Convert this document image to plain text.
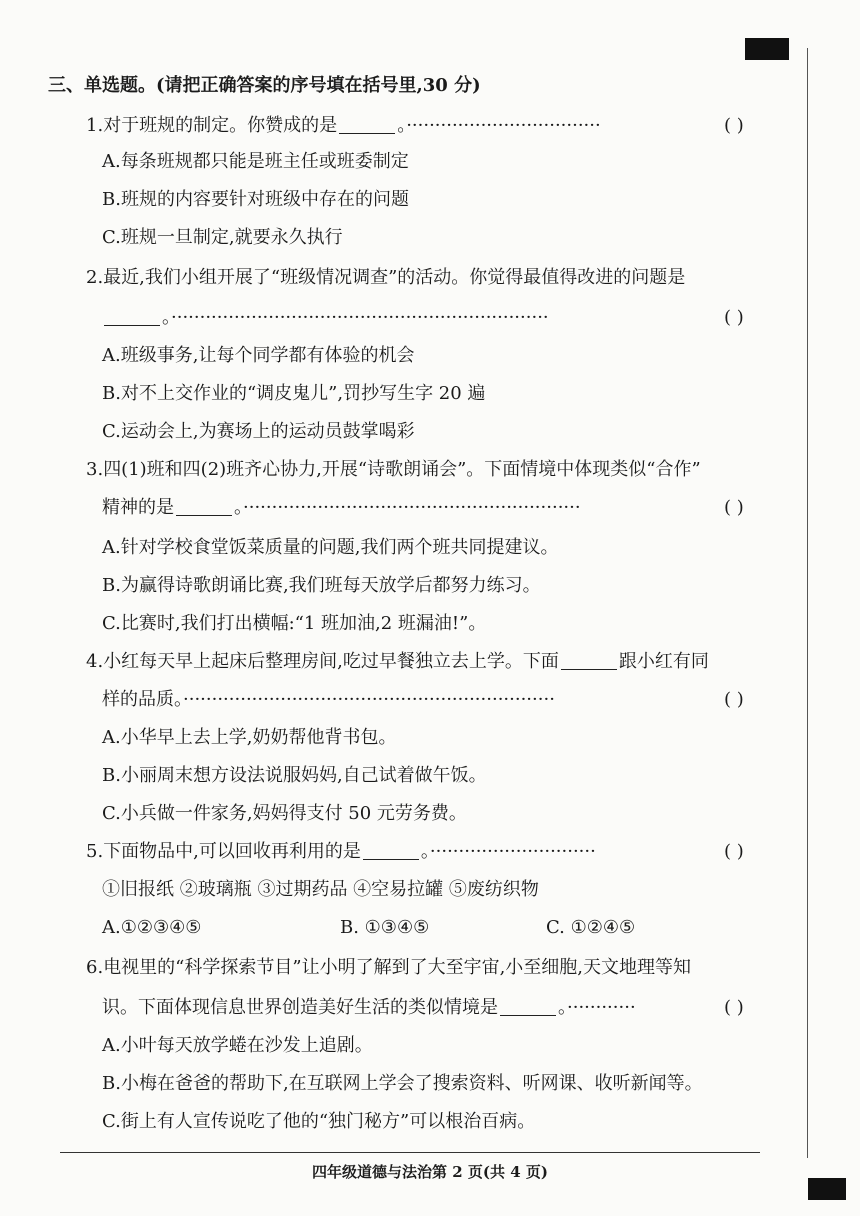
三、单选题。(请把正确答案的序号填在括号里,30 分)
1.对于班规的制定。你赞成的是	。··································	( )
A.每条班规都只能是班主任或班委制定
B.班规的内容要针对班级中存在的问题
C.班规一旦制定,就要永久执行
2.最近,我们小组开展了“班级情况调查”的活动。你觉得最值得改进的问题是
。··································································	( )
A.班级事务,让每个同学都有体验的机会
B.对不上交作业的“调皮鬼儿”,罚抄写生字 20 遍
C.运动会上,为赛场上的运动员鼓掌喝彩
3.四(1)班和四(2)班齐心协力,开展“诗歌朗诵会”。下面情境中体现类似“合作”
精神的是	。···························································	( )
A.针对学校食堂饭菜质量的问题,我们两个班共同提建议。
B.为赢得诗歌朗诵比赛,我们班每天放学后都努力练习。
C.比赛时,我们打出横幅:“1 班加油,2 班漏油!”。
4.小红每天早上起床后整理房间,吃过早餐独立去上学。下面	跟小红有同
样的品质。·································································	( )
A.小华早上去上学,奶奶帮他背书包。
B.小丽周末想方设法说服妈妈,自己试着做午饭。
C.小兵做一件家务,妈妈得支付 50 元劳务费。
5.下面物品中,可以回收再利用的是	。·····························	( )
①旧报纸 ②玻璃瓶 ③过期药品 ④空易拉罐 ⑤废纺织物
A.①②③④⑤	B. ①③④⑤	C. ①②④⑤
6.电视里的“科学探索节目”让小明了解到了大至宇宙,小至细胞,天文地理等知
识。下面体现信息世界创造美好生活的类似情境是	。············	( )
A.小叶每天放学蜷在沙发上追剧。
B.小梅在爸爸的帮助下,在互联网上学会了搜索资料、听网课、收听新闻等。
C.街上有人宣传说吃了他的“独门秘方”可以根治百病。
四年级道德与法治第 2 页(共 4 页)
